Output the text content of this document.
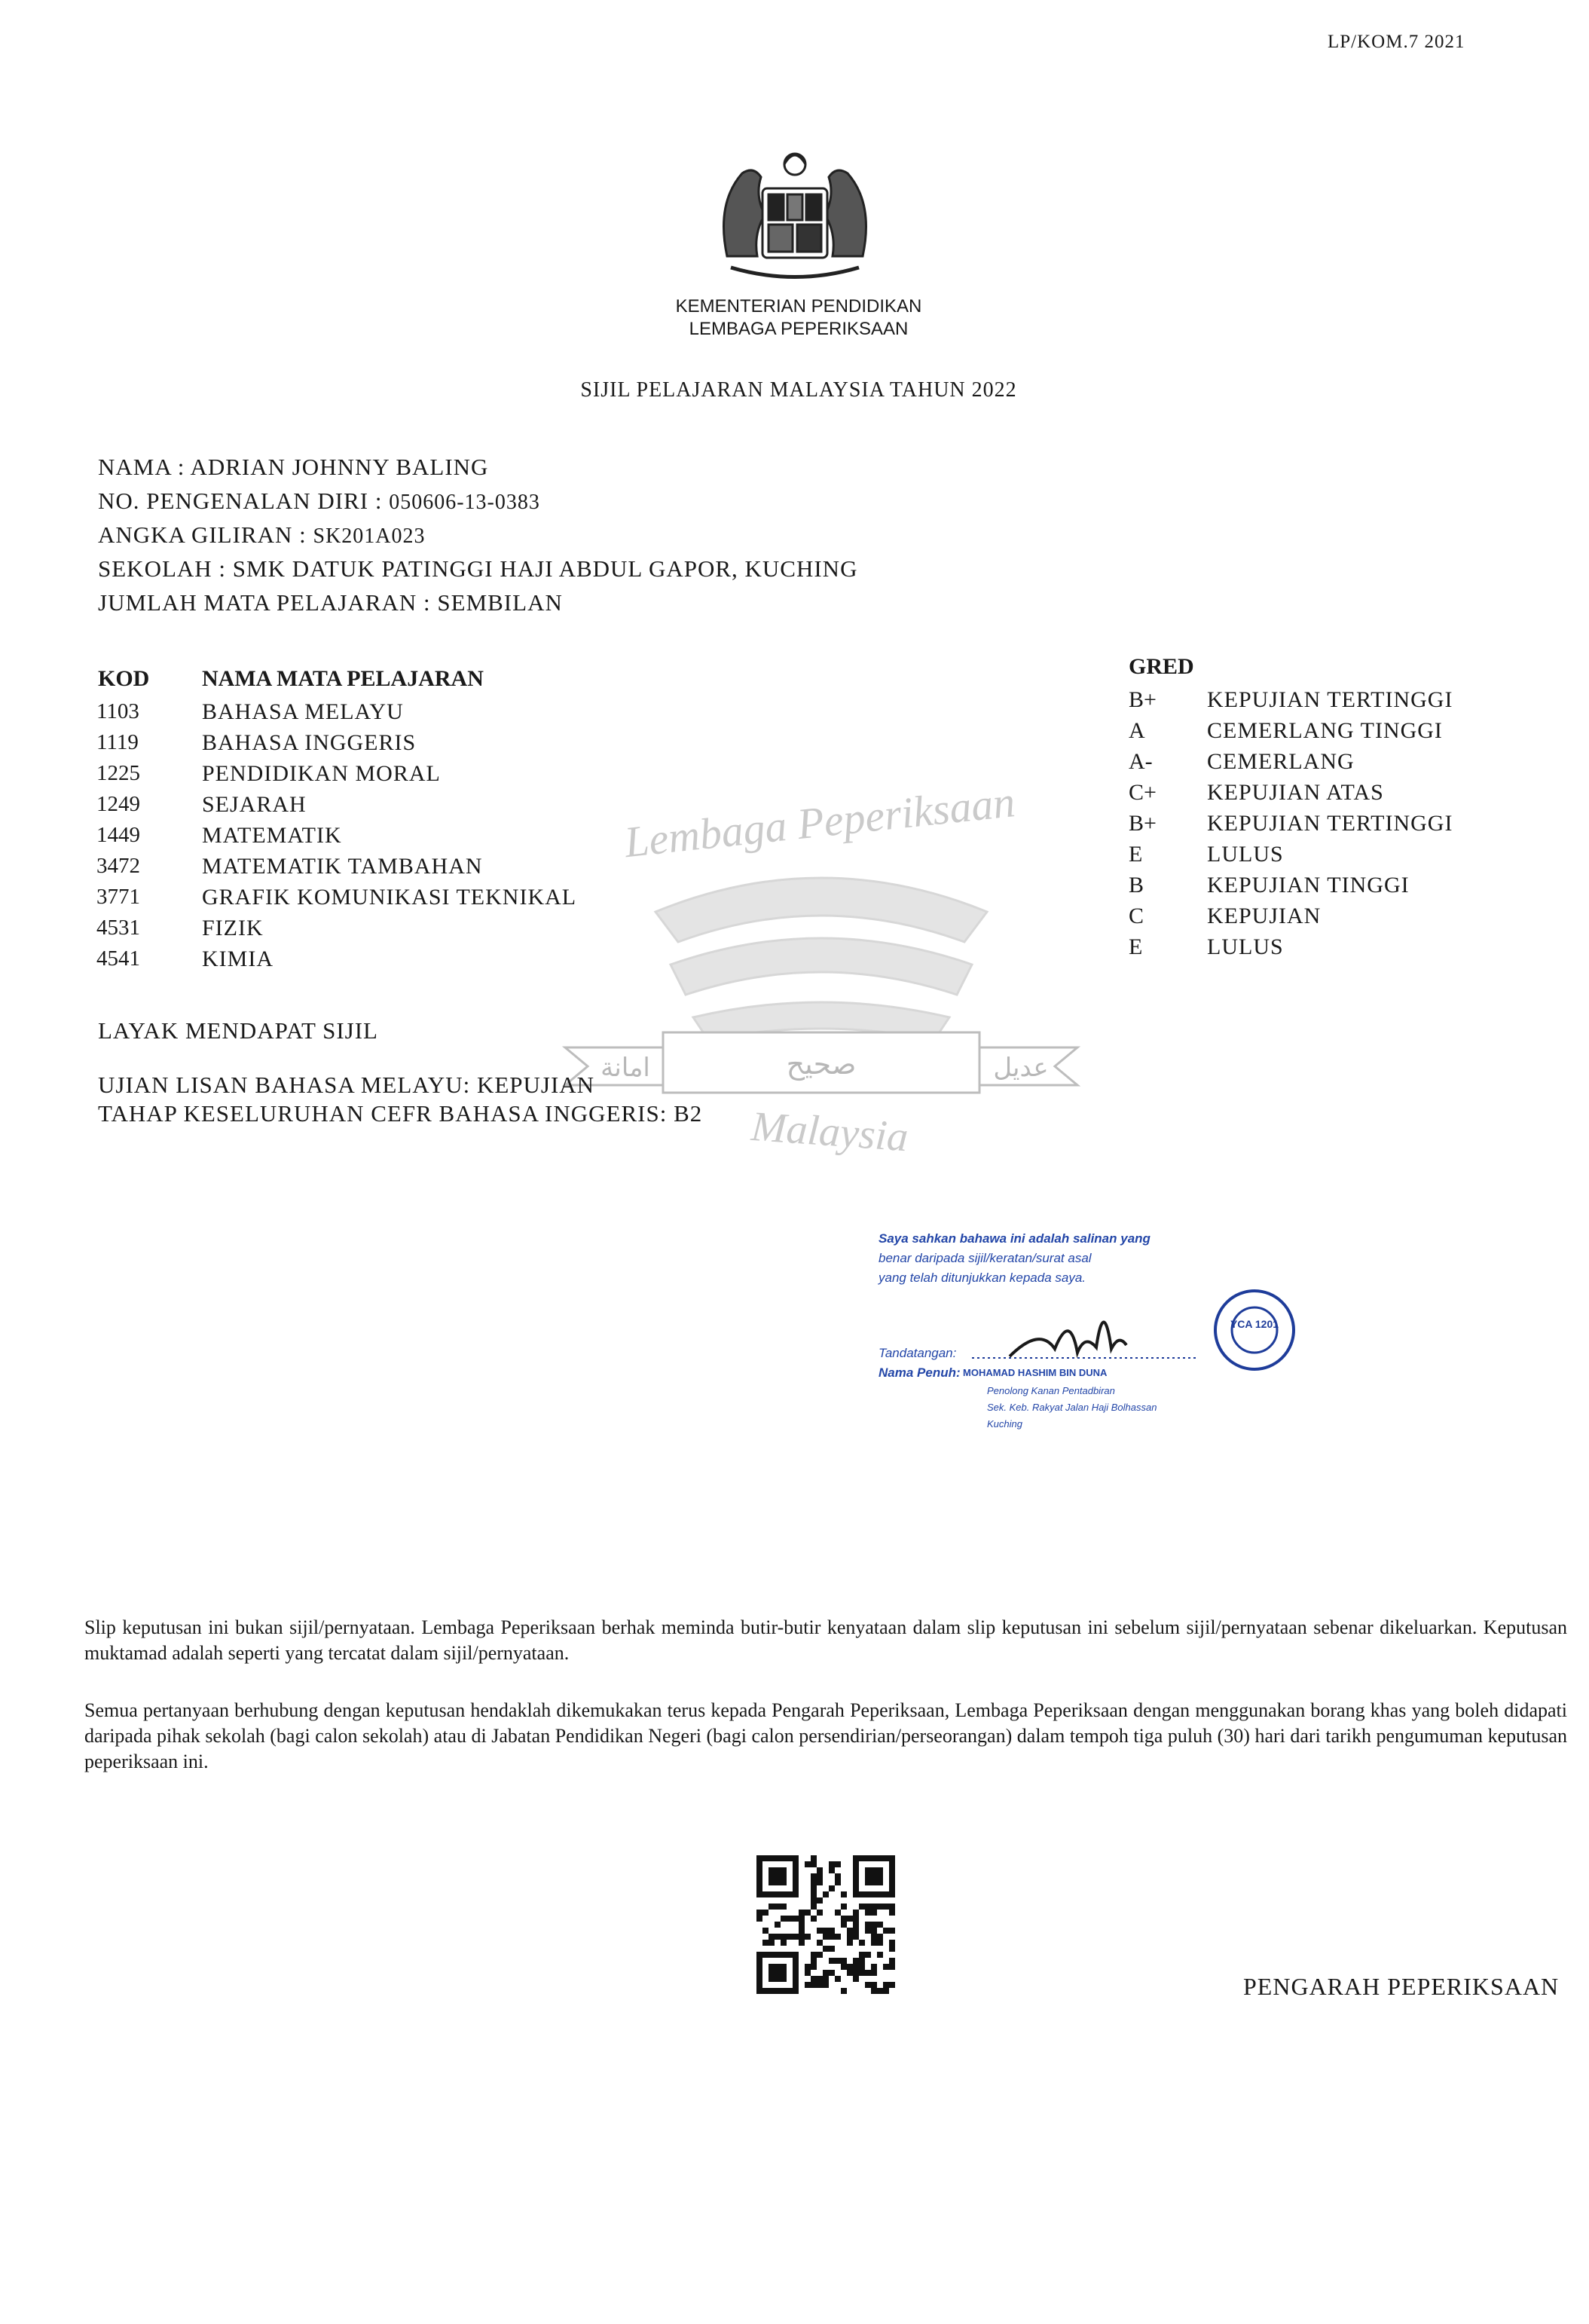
LP/KOM.7 2021
KEMENTERIAN PENDIDIKAN
LEMBAGA PEPERIKSAAN
SIJIL PELAJARAN MALAYSIA TAHUN 2022
NAMA : ADRIAN JOHNNY BALING
NO. PENGENALAN DIRI : 050606-13-0383
ANGKA GILIRAN : SK201A023
SEKOLAH : SMK DATUK PATINGGI HAJI ABDUL GAPOR, KUCHING
JUMLAH MATA PELAJARAN : SEMBILAN
Lembaga Peperiksaan
امانة	صحيح	عدیل
Malaysia
GRED
KOD NAMA MATA PELAJARAN
1103	BAHASA MELAYU
1119	BAHASA INGGERIS
1225	PENDIDIKAN MORAL
1249	SEJARAH
1449	MATEMATIK
3472	MATEMATIK TAMBAHAN
3771	GRAFIK KOMUNIKASI TEKNIKAL
4531	FIZIK
4541	KIMIA
B+ KEPUJIAN TERTINGGI
A	CEMERLANG TINGGI
A- CEMERLANG
C+ KEPUJIAN ATAS
B+ KEPUJIAN TERTINGGI
E	LULUS
B	KEPUJIAN TINGGI
C	KEPUJIAN
E	LULUS
LAYAK MENDAPAT SIJIL
UJIAN LISAN BAHASA MELAYU: KEPUJIAN
TAHAP KESELURUHAN CEFR BAHASA INGGERIS: B2
Saya sahkan bahawa ini adalah salinan yang
benar daripada sijil/keratan/surat asal
yang telah ditunjukkan kepada saya.
Tandatangan:
Nama Penuh: MOHAMAD HASHIM BIN DUNA
Penolong Kanan Pentadbiran
Sek. Keb. Rakyat Jalan Haji Bolhassan
Kuching
YCA 1201
Slip keputusan ini bukan sijil/pernyataan. Lembaga Peperiksaan berhak meminda butir-butir kenyataan dalam slip keputusan ini sebelum sijil/pernyataan sebenar dikeluarkan. Keputusan muktamad adalah seperti yang tercatat dalam sijil/pernyataan.
Semua pertanyaan berhubung dengan keputusan hendaklah dikemukakan terus kepada Pengarah Peperiksaan, Lembaga Peperiksaan dengan menggunakan borang khas yang boleh didapati daripada pihak sekolah (bagi calon sekolah) atau di Jabatan Pendidikan Negeri (bagi calon persendirian/perseorangan) dalam tempoh tiga puluh (30) hari dari tarikh pengumuman keputusan peperiksaan ini.
PENGARAH PEPERIKSAAN
